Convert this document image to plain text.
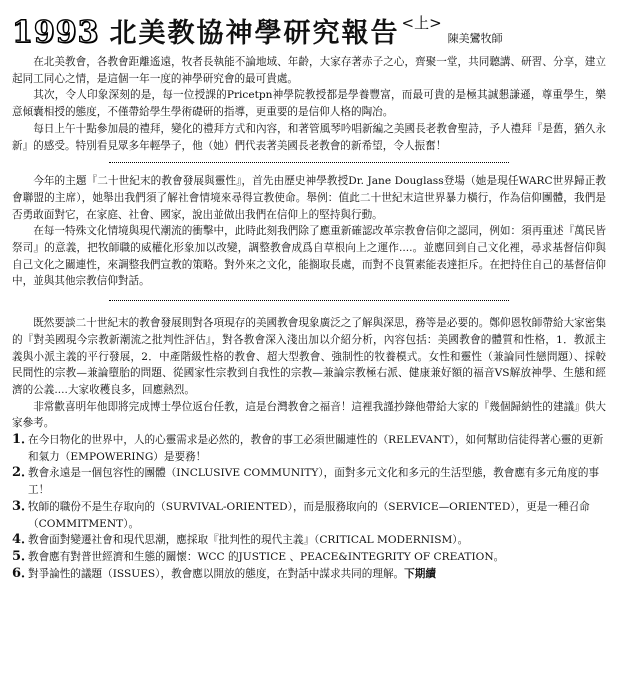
1993 北美教協神學研究報告 <上>
陳美鸞牧師

在北美教會，各教會距離遙遠，牧者長執能不論地域、年齡，大家存著赤子之心，齊聚一堂，共同聽講、研習、分享，建立起同工同心之情，是這個一年一度的神學研究會的最可貴處。

其次，令人印象深刻的是，每一位授課的Pricetpn神學院教授都是學養豐富，而最可貴的是極其誠懇謙遜，尊重學生，樂意傾囊相授的態度，不僅帶給學生學術礎研的指導，更重要的是信仰人格的陶冶。

每日上午十點參加晨的禮拜，變化的禮拜方式和內容，和著管風琴吟唱新編之美國長老教會聖詩，予人禮拜『是舊，猶久永新』的感受。特別看見眾多年輕學子，他（她）們代表著美國長老教會的新希望，令人振奮！

今年的主題『二十世紀末的教會發展與靈性』，首先由歷史神學教授Dr. Jane Douglass登場（她是現任WARC世界歸正教會聯盟的主席），她舉出我們須了解社會情境來尋得宣教使命。舉例：值此二十世紀末這世界暴力橫行，作為信仰團體，我們是否勇敢面對它，在家庭、社會、國家，說出並做出我們在信仰上的堅持與行動。

在每一特殊文化情境與現代潮流的衝擊中，此時此刻我們除了應重新確認改革宗教會信仰之認同，例如：須再重述『萬民皆祭司』的意義，把牧師職的威權化形象加以改變，調整教會成爲自草根向上之運作....。並應回到自己文化裡，尋求基督信仰與自己文化之關連性，來調整我們宣教的策略。對外來之文化，能搁取長處，而對不良質素能表達拒斥。在把持住自己的基督信仰中，並與其他宗教信仰對話。

既然要談二十世紀末的教會發展則對各項現存的美國教會現象廣泛之了解與深思，務等是必要的。鄭仰恩牧師帶給大家密集的『對美國現今宗教新潮流之批判性評估』，對各教會深入淺出加以介紹分析，內容包括：美國教會的體質和性格，1．教派主義與小派主義的平行發展，2．中產階級性格的教會、超大型教會、強制性的牧養模式。女性和靈性（兼論同性戀問題）、採較民間性的宗教—兼論墮胎的問題、從國家性宗教到自我性的宗教—兼論宗教極右派、健康兼好額的福音VS解放神學、生態和經濟的公義....大家收穫良多，回應熱烈。

非常歡喜明年他即將完成博士學位返台任教，這是台灣教會之福音！這裡我謹抄錄他帶給大家的『幾個歸納性的建議』供大家參考。

1．
在今日物化的世界中，人的心靈需求是必然的，教會的事工必須世關連性的（RELEVANT），如何幫助信徒得著心靈的更新和氣力（EMPOWERING）是要務！
2．
教會永遠是一個包容性的團體（INCLUSIVE COMMUNITY），面對多元文化和多元的生活型態，教會應有多元角度的事工！
3．
牧師的職份不是生存取向的（SURVIVAL-ORIENTED），而是服務取向的（SERVICE—ORIENTED），更是一種召命（COMMITMENT）。
4．
教會面對變遷社會和現代思潮，應採取『批判性的現代主義』（CRITICAL MODERNISM）。
5．
教會應有對普世經濟和生態的關懷：WCC 的JUSTICE 、PEACE&INTEGRITY OF CREATION。
6．
對爭論性的議題（ISSUES），教會應以開放的態度，在對話中謀求共同的理解。下期續
